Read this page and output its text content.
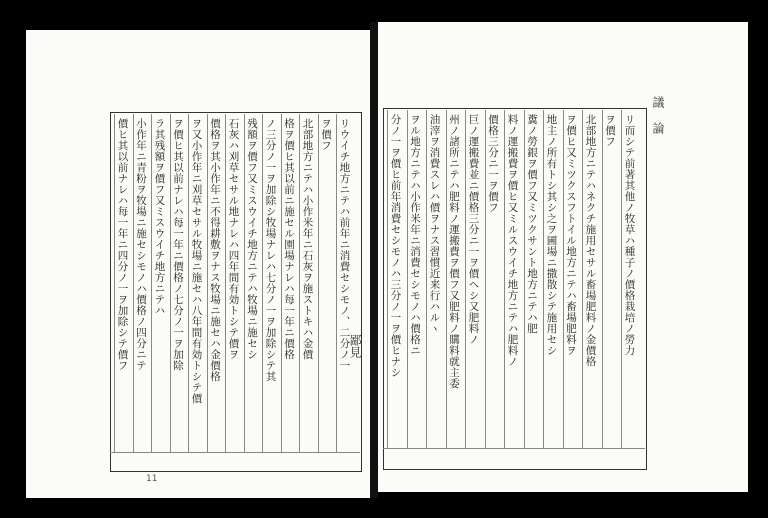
リウイチ地方ニテハ前年ニ消費セシモノ、二分ノ一
ヲ價フ
北部地方ニテハ小作米年ニ石灰ヲ施ストキハ金價
格ヲ價ヒ其以前ニ施セル園場ナレハ每一年ニ價格
ノ三分ノ一ヲ加除シ牧場ナレハ七分ノ一ヲ加除シテ其
残額ヲ價フ又ミスウイチ地方ニテハ牧場ニ施セシ
石灰ハ刈草セサル地ナレハ四年間有効トシテ價ヲ
價格ヲ其小作年ニ不得耕敷ヲナス牧場ニ施セハ金價格
ヲ又小作年ニ刈草セサル牧場ニ施セハ八年間有効トシテ價
ヲ價ヒ其以前ナレハ每一年ニ價格ノ七分ノ一ヲ加除
ラ其残額ヲ價フ又ミスウイチ地方ニテハ
小作年ニ青粉ヲ牧場ニ施セシモノハ價格ノ四分ニテ
價ヒ其以前ナレハ每一年ニ四分ノ一ヲ加除シテ價フ	リ而シテ前著其他ノ牧草ハ種子ノ價格栽培ノ勞力
ヲ價フ
北部地方ニテハネクチ施用セサル畜場肥料ノ金價格
ヲ價ヒ又ミツクスフトイル地方ニテハ畜場肥料ヲ
地主ノ所有トシ其シ之ヲ圃場ニ撒散シテ施用セシ
糞ノ勞銀ヲ價フ又ミツクサント地方ニテハ肥
料ノ運搬費ヲ價ヒ又ミルスウイチ地方ニテハ肥料ノ
價格三分ニ一ヲ價フ
巨ノ運搬費並ニ價格三分ニ一ヲ價ヘシ又肥料ノ
州ノ諸所ニテハ肥料ノ運搬費ヲ價フ又肥料ノ購料就主委
油滓ヲ消費スレハ價ヲナス習慣近来行ハルヽ
ヲル地方ニテハ小作米年ニ消費セシモノハ價格ニ
分ノ一ヲ價ヒ前年消費セシモノハ三分ノ一ヲ價ヒナシ
鄙見
議 論
11
